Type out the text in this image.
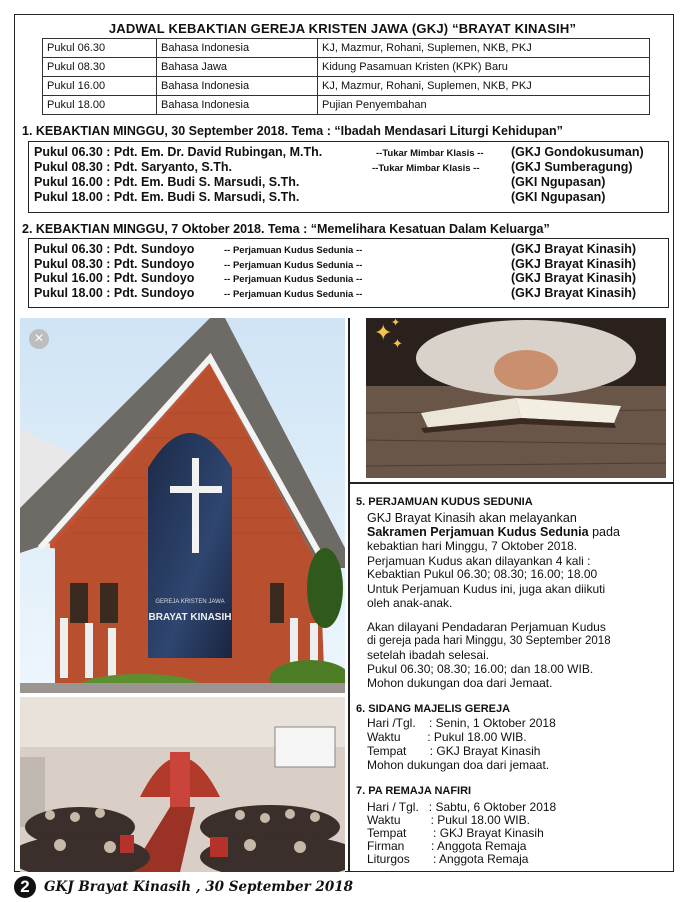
JADWAL KEBAKTIAN GEREJA KRISTEN JAWA (GKJ) “BRAYAT KINASIH”
Pukul 06.30	Bahasa Indonesia	KJ, Mazmur, Rohani, Suplemen, NKB, PKJ
Pukul 08.30	Bahasa Jawa	Kidung Pasamuan Kristen (KPK) Baru
Pukul 16.00	Bahasa Indonesia	KJ, Mazmur, Rohani, Suplemen, NKB, PKJ
Pukul 18.00	Bahasa Indonesia	Pujian Penyembahan
1. KEBAKTIAN MINGGU, 30 September 2018. Tema : “Ibadah Mendasari Liturgi Kehidupan”
Pukul 06.30 : Pdt. Em. Dr. David Rubingan, M.Th.	--Tukar Mimbar Klasis -- (GKJ Gondokusuman)
Pukul 08.30 : Pdt. Saryanto, S.Th.	--Tukar Mimbar Klasis --	(GKJ Sumberagung)
Pukul 16.00 : Pdt. Em. Budi S. Marsudi, S.Th.	(GKI Ngupasan)
Pukul 18.00 : Pdt. Em. Budi S. Marsudi, S.Th.	(GKI Ngupasan)
2. KEBAKTIAN MINGGU, 7 Oktober 2018. Tema : “Memelihara Kesatuan Dalam Keluarga”
Pukul 06.30 : Pdt. Sundoyo	-- Perjamuan Kudus Sedunia --	(GKJ Brayat Kinasih)
Pukul 08.30 : Pdt. Sundoyo	-- Perjamuan Kudus Sedunia --	(GKJ Brayat Kinasih)
Pukul 16.00 : Pdt. Sundoyo	-- Perjamuan Kudus Sedunia --	(GKJ Brayat Kinasih)
Pukul 18.00 : Pdt. Sundoyo	-- Perjamuan Kudus Sedunia --	(GKJ Brayat Kinasih)
GEREJA KRISTEN JAWA
BRAYAT KINASIH
×	✦
✦
✦
5. PERJAMUAN KUDUS SEDUNIA
GKJ Brayat Kinasih akan melayankan
Sakramen Perjamuan Kudus Sedunia pada
kebaktian hari Minggu, 7 Oktober 2018.
Perjamuan Kudus akan dilayankan 4 kali :
Kebaktian Pukul 06.30; 08.30; 16.00; 18.00
Untuk Perjamuan Kudus ini, juga akan diikuti
oleh anak-anak.
Akan dilayani Pendadaran Perjamuan Kudus
di gereja pada hari Minggu, 30 September 2018
setelah ibadah selesai.
Pukul 06.30; 08.30; 16.00; dan 18.00 WIB.
Mohon dukungan doa dari Jemaat.
6. SIDANG MAJELIS GEREJA
Hari /Tgl.    : Senin, 1 Oktober 2018
Waktu        : Pukul 18.00 WIB.
Tempat       : GKJ Brayat Kinasih
Mohon dukungan doa dari jemaat.
7. PA REMAJA NAFIRI
Hari / Tgl.   : Sabtu, 6 Oktober 2018
Waktu         : Pukul 18.00 WIB.
Tempat        : GKJ Brayat Kinasih
Firman        : Anggota Remaja
Liturgos       : Anggota Remaja
2	GKJ Brayat Kinasih , 30 September 2018
